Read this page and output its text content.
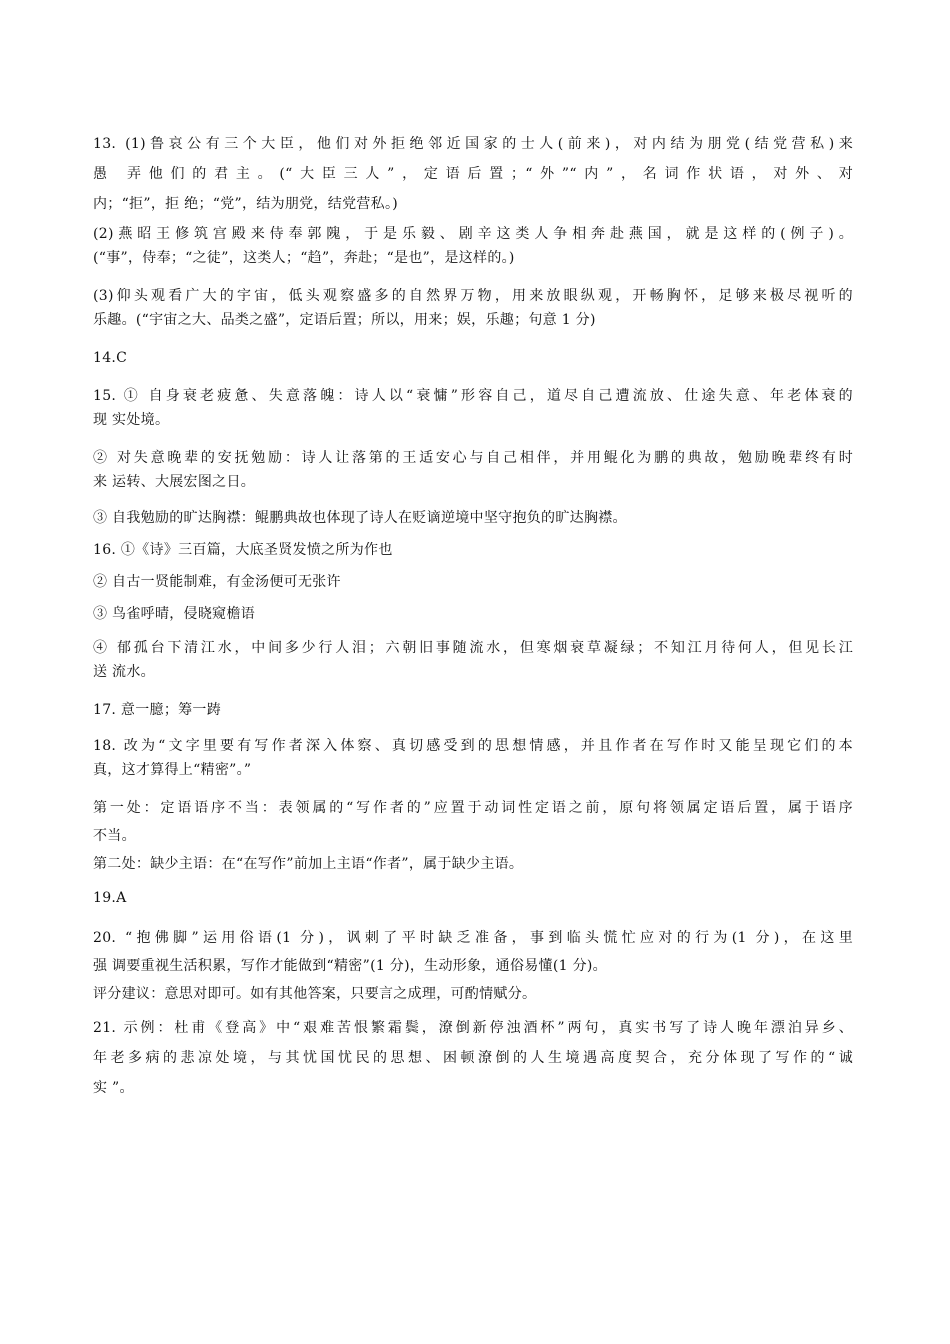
13. (1)鲁哀公有三个大臣，他们对外拒绝邻近国家的士人(前来)，对内结为朋党(结党营私)来
愚 弄他们的君主。(“大臣三人”，定语后置；“外”“内”，名词作状语，对外、对
内；“拒”，拒 绝；“党”，结为朋党，结党营私。)
(2)燕昭王修筑宫殿来侍奉郭隗，于是乐毅、剧辛这类人争相奔赴燕国，就是这样的(例子)。
(“事”，侍奉；“之徒”，这类人；“趋”，奔赴；“是也”，是这样的。)
(3)仰头观看广大的宇宙，低头观察盛多的自然界万物，用来放眼纵观，开畅胸怀，足够来极尽视听的
乐趣。(“宇宙之大、品类之盛”，定语后置；所以，用来；娱，乐趣；句意 1 分)
14.C
15. ① 自身衰老疲惫、失意落魄：诗人以“衰慵”形容自己，道尽自己遭流放、仕途失意、年老体衰的
现 实处境。
② 对失意晚辈的安抚勉励：诗人让落第的王适安心与自己相伴，并用鲲化为鹏的典故，勉励晚辈终有时
来 运转、大展宏图之日。
③ 自我勉励的旷达胸襟：鲲鹏典故也体现了诗人在贬谪逆境中坚守抱负的旷达胸襟。
16. ①《诗》三百篇，大底圣贤发愤之所为作也
② 自古一贤能制难，有金汤便可无张许
③ 鸟雀呼晴，侵晓窥檐语
④ 郁孤台下清江水，中间多少行人泪；六朝旧事随流水，但寒烟衰草凝绿；不知江月待何人，但见长江
送 流水。
17. 意一臆；筹一踌
18. 改为“文字里要有写作者深入体察、真切感受到的思想情感，并且作者在写作时又能呈现它们的本
真，这才算得上“精密”。”
第一处：定语语序不当：表领属的“写作者的”应置于动词性定语之前，原句将领属定语后置，属于语序
不当。
第二处：缺少主语：在“在写作”前加上主语“作者”，属于缺少主语。
19.A
20. “抱佛脚”运用俗语(1 分)，讽刺了平时缺乏准备，事到临头慌忙应对的行为(1 分)，在这里
强 调要重视生活积累，写作才能做到“精密”(1 分)，生动形象，通俗易懂(1 分)。
评分建议：意思对即可。如有其他答案，只要言之成理，可酌情赋分。
21. 示例：杜甫《登高》中“艰难苦恨繁霜鬓，潦倒新停浊酒杯”两句，真实书写了诗人晚年漂泊异乡、
年老多病的悲凉处境，与其忧国忧民的思想、困顿潦倒的人生境遇高度契合，充分体现了写作的“诚
实 ”。
